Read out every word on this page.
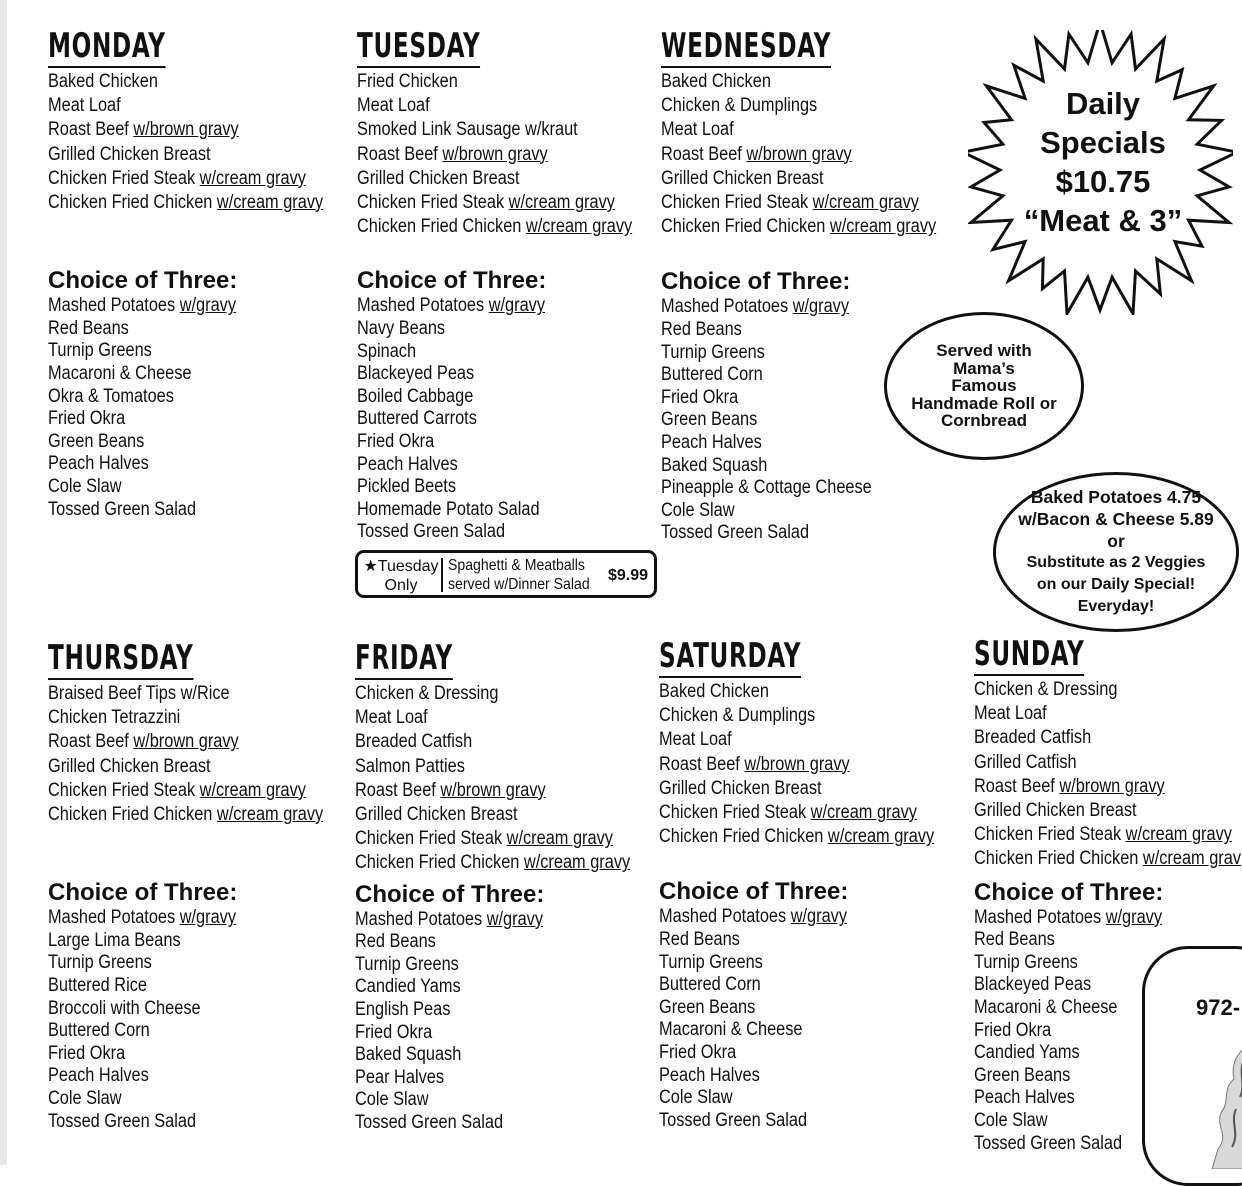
MONDAY
Baked Chicken
Meat Loaf
Roast Beef w/brown gravy
Grilled Chicken Breast
Chicken Fried Steak w/cream gravy
Chicken Fried Chicken w/cream gravy
Choice of Three:
Mashed Potatoes w/gravy
Red Beans
Turnip Greens
Macaroni & Cheese
Okra & Tomatoes
Fried Okra
Green Beans
Peach Halves
Cole Slaw
Tossed Green Salad
TUESDAY
Fried Chicken
Meat Loaf
Smoked Link Sausage w/kraut
Roast Beef w/brown gravy
Grilled Chicken Breast
Chicken Fried Steak w/cream gravy
Chicken Fried Chicken w/cream gravy
Choice of Three:
Mashed Potatoes w/gravy
Navy Beans
Spinach
Blackeyed Peas
Boiled Cabbage
Buttered Carrots
Fried Okra
Peach Halves
Pickled Beets
Homemade Potato Salad
Tossed Green Salad
WEDNESDAY
Baked Chicken
Chicken & Dumplings
Meat Loaf
Roast Beef w/brown gravy
Grilled Chicken Breast
Chicken Fried Steak w/cream gravy
Chicken Fried Chicken w/cream gravy
Choice of Three:
Mashed Potatoes w/gravy
Red Beans
Turnip Greens
Buttered Corn
Fried Okra
Green Beans
Peach Halves
Baked Squash
Pineapple & Cottage Cheese
Cole Slaw
Tossed Green Salad
THURSDAY
Braised Beef Tips w/Rice
Chicken Tetrazzini
Roast Beef w/brown gravy
Grilled Chicken Breast
Chicken Fried Steak w/cream gravy
Chicken Fried Chicken w/cream gravy
Choice of Three:
Mashed Potatoes w/gravy
Large Lima Beans
Turnip Greens
Buttered Rice
Broccoli with Cheese
Buttered Corn
Fried Okra
Peach Halves
Cole Slaw
Tossed Green Salad
FRIDAY
Chicken & Dressing
Meat Loaf
Breaded Catfish
Salmon Patties
Roast Beef w/brown gravy
Grilled Chicken Breast
Chicken Fried Steak w/cream gravy
Chicken Fried Chicken w/cream gravy
Choice of Three:
Mashed Potatoes w/gravy
Red Beans
Turnip Greens
Candied Yams
English Peas
Fried Okra
Baked Squash
Pear Halves
Cole Slaw
Tossed Green Salad
SATURDAY
Baked Chicken
Chicken & Dumplings
Meat Loaf
Roast Beef w/brown gravy
Grilled Chicken Breast
Chicken Fried Steak w/cream gravy
Chicken Fried Chicken w/cream gravy
Choice of Three:
Mashed Potatoes w/gravy
Red Beans
Turnip Greens
Buttered Corn
Green Beans
Macaroni & Cheese
Fried Okra
Peach Halves
Cole Slaw
Tossed Green Salad
SUNDAY
Chicken & Dressing
Meat Loaf
Breaded Catfish
Grilled Catfish
Roast Beef w/brown gravy
Grilled Chicken Breast
Chicken Fried Steak w/cream gravy
Chicken Fried Chicken w/cream grav
Choice of Three:
Mashed Potatoes w/gravy
Red Beans
Turnip Greens
Blackeyed Peas
Macaroni & Cheese
Fried Okra
Candied Yams
Green Beans
Peach Halves
Cole Slaw
Tossed Green Salad
Daily
Specials
$10.75
“Meat & 3”
Served with
Mama’s
Famous
Handmade Roll or
Cornbread
Baked Potatoes 4.75
w/Bacon & Cheese 5.89
or
Substitute as 2 Veggies
on our Daily Special!
Everyday!
★Tuesday
Only
Spaghetti & Meatballs
served w/Dinner Salad
$9.99
972-
